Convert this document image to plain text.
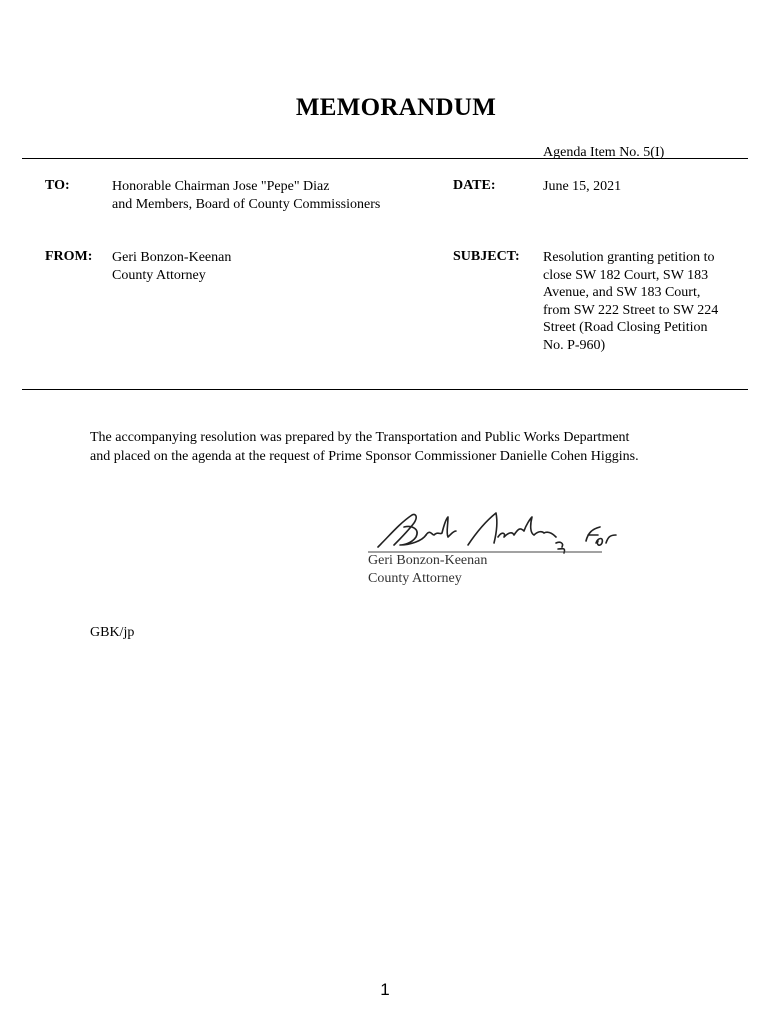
MEMORANDUM
Agenda Item No. 5(I)
TO:	Honorable Chairman Jose "Pepe" Diaz
and Members, Board of County Commissioners
DATE:	June 15, 2021
FROM: Geri Bonzon-Keenan
County Attorney
SUBJECT: Resolution granting petition to
close SW 182 Court, SW 183
Avenue, and SW 183 Court,
from SW 222 Street to SW 224
Street (Road Closing Petition
No. P-960)
The accompanying resolution was prepared by the Transportation and Public Works Department
and placed on the agenda at the request of Prime Sponsor Commissioner Danielle Cohen Higgins.
Geri Bonzon-Keenan
County Attorney
GBK/jp
1
